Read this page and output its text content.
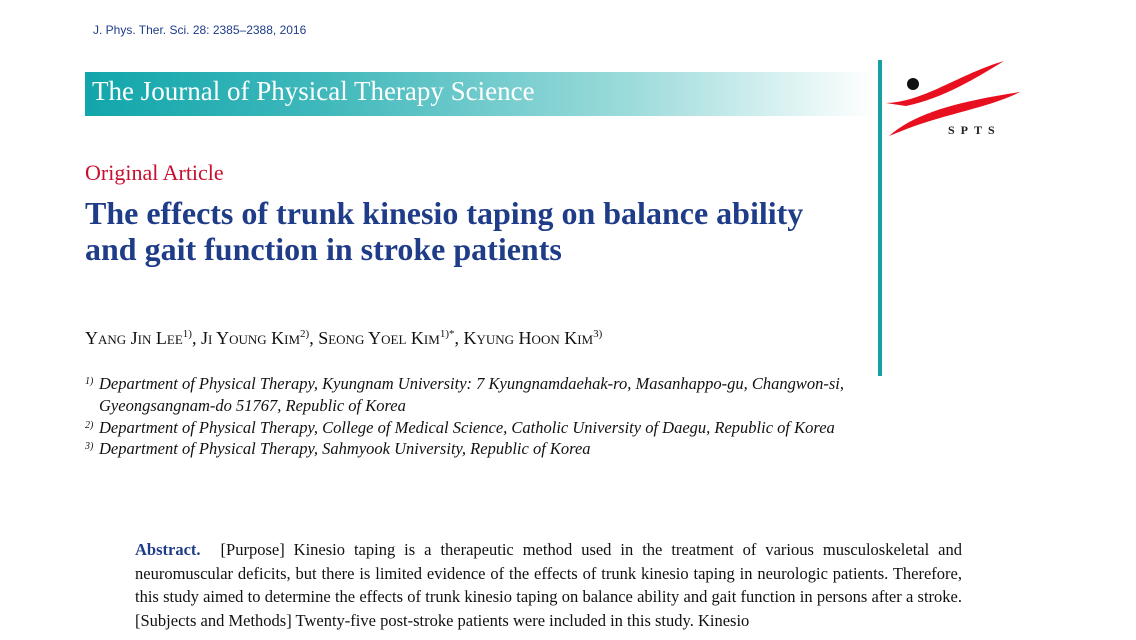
J. Phys. Ther. Sci. 28: 2385–2388, 2016
The Journal of Physical Therapy Science
SPTS
Original Article
The effects of trunk kinesio taping on balance ability and gait function in stroke patients
Yang Jin Lee$^{1)}$, Ji Young Kim$^{2)}$, Seong Yoel Kim$^{1)*}$, Kyung Hoon Kim$^{3)}$
1) Department of Physical Therapy, Kyungnam University: 7 Kyungnamdaehak-ro, Masanhappo-gu, Changwon-si, Gyeongsangnam-do 51767, Republic of Korea
2) Department of Physical Therapy, College of Medical Science, Catholic University of Daegu, Republic of Korea
3) Department of Physical Therapy, Sahmyook University, Republic of Korea
Abstract. [Purpose] Kinesio taping is a therapeutic method used in the treatment of various musculoskeletal and neuromuscular deficits, but there is limited evidence of the effects of trunk kinesio taping in neurologic patients. Therefore, this study aimed to determine the effects of trunk kinesio taping on balance ability and gait function in persons after a stroke. [Subjects and Methods] Twenty-five post-stroke patients were included in this study. Kinesio
